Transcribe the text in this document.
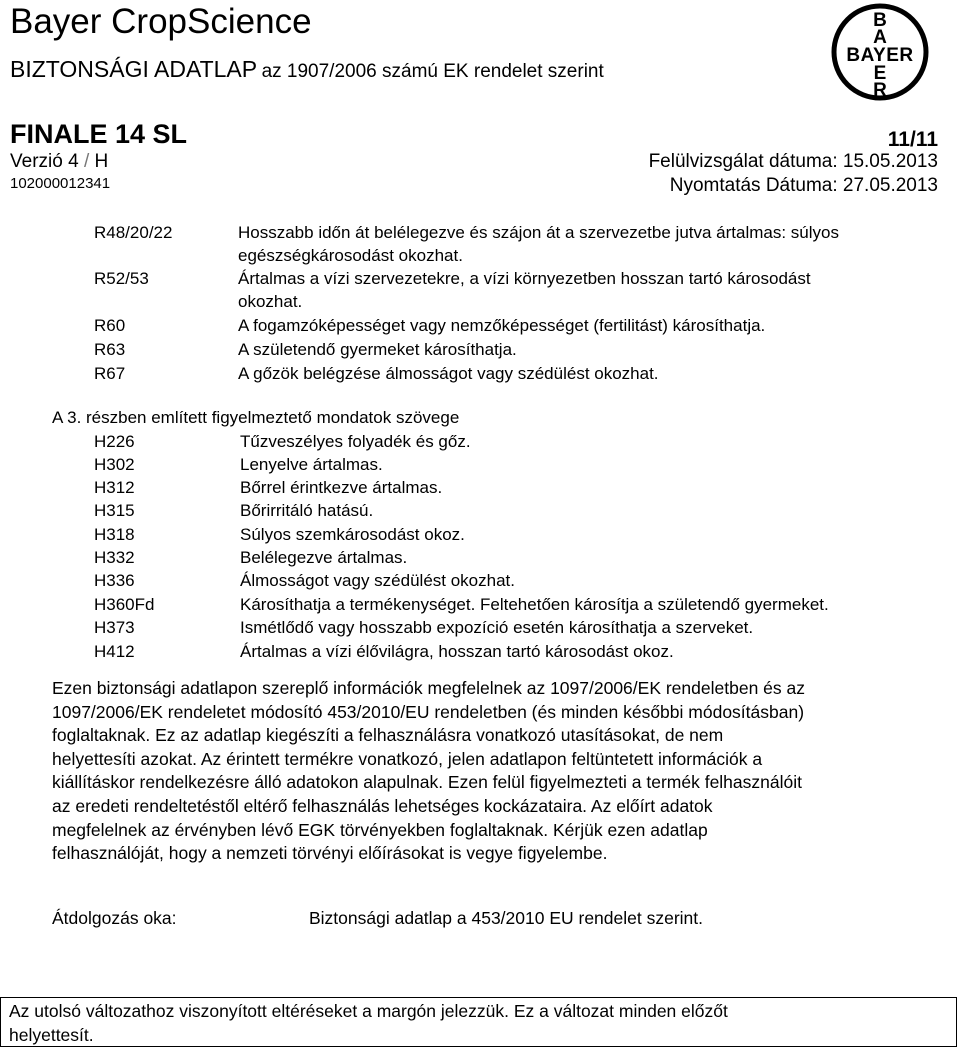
Bayer CropScience
BIZTONSÁGI ADATLAP az 1907/2006 számú EK rendelet szerint
B
A
BAYER
E
R
FINALE 14 SL	11/11
Verzió 4 / H	Felülvizsgálat dátuma: 15.05.2013
102000012341	Nyomtatás Dátuma: 27.05.2013
R48/20/22	Hosszabb időn át belélegezve és szájon át a szervezetbe jutva ártalmas: súlyos
egészségkárosodást okozhat.
R52/53	Ártalmas a vízi szervezetekre, a vízi környezetben hosszan tartó károsodást
okozhat.
R60	A fogamzóképességet vagy nemzőképességet (fertilitást) károsíthatja.
R63	A születendő gyermeket károsíthatja.
R67	A gőzök belégzése álmosságot vagy szédülést okozhat.
A 3. részben említett figyelmeztető mondatok szövege
H226	Tűzveszélyes folyadék és gőz.
H302	Lenyelve ártalmas.
H312	Bőrrel érintkezve ártalmas.
H315	Bőrirritáló hatású.
H318	Súlyos szemkárosodást okoz.
H332	Belélegezve ártalmas.
H336	Álmosságot vagy szédülést okozhat.
H360Fd	Károsíthatja a termékenységet. Feltehetően károsítja a születendő gyermeket.
H373	Ismétlődő vagy hosszabb expozíció esetén károsíthatja a szerveket.
H412	Ártalmas a vízi élővilágra, hosszan tartó károsodást okoz.
Ezen biztonsági adatlapon szereplő információk megfelelnek az 1097/2006/EK rendeletben és az
1097/2006/EK rendeletet módosító 453/2010/EU rendeletben (és minden későbbi módosításban)
foglaltaknak. Ez az adatlap kiegészíti a felhasználásra vonatkozó utasításokat, de nem
helyettesíti azokat. Az érintett termékre vonatkozó, jelen adatlapon feltüntetett információk a
kiállításkor rendelkezésre álló adatokon alapulnak. Ezen felül figyelmezteti a termék felhasználóit
az eredeti rendeltetéstől eltérő felhasználás lehetséges kockázataira. Az előírt adatok
megfelelnek az érvényben lévő EGK törvényekben foglaltaknak. Kérjük ezen adatlap
felhasználóját, hogy a nemzeti törvényi előírásokat is vegye figyelembe.
Átdolgozás oka:	Biztonsági adatlap a 453/2010 EU rendelet szerint.
Az utolsó változathoz viszonyított eltéréseket a margón jelezzük. Ez a változat minden előzőt
helyettesít.
